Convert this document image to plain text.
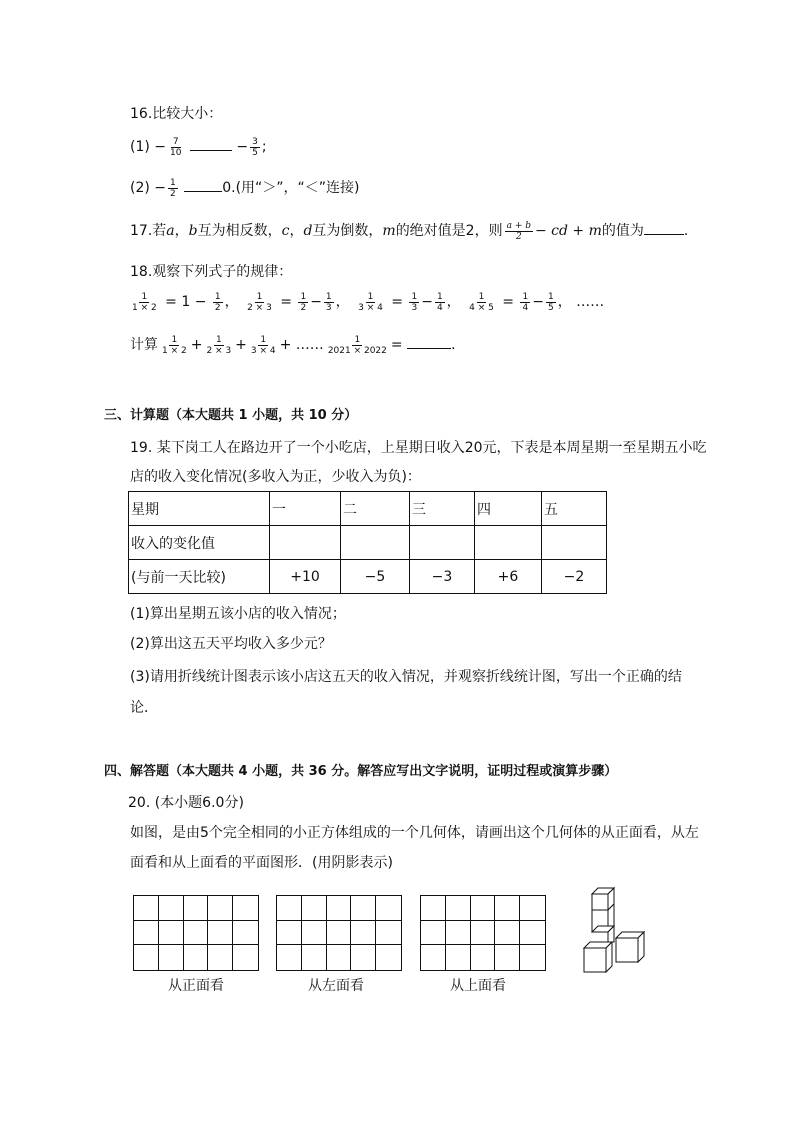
16.比较大小：
$(1) - \frac{7}{10}$	− $\frac{3}{5}$ ;
$(2) - \frac{1}{2}$	0.(用“＞”，“＜”连接)
17.若a，b互为相反数，c，d互为倒数，m的绝对值是2，则 $\frac{a + b}{2}$ − cd + m的值为	.
18.观察下列式子的规律：
$\frac{1}{1 \times 2} = 1 - \frac{1}{2}$ ， $\frac{1}{2 \times 3} = \frac{1}{2} - \frac{1}{3}$ ， $\frac{1}{3 \times 4} = \frac{1}{3} - \frac{1}{4}$ ， $\frac{1}{4 \times 5} = \frac{1}{4} - \frac{1}{5}$ ， ……
计算 $\frac{1}{1 \times 2} + \frac{1}{2 \times 3} + \frac{1}{3 \times 4}$ + …… $\frac{1}{2021 \times 2022}$ =	.
三、计算题（本大题共 1 小题，共 10 分）
19. 某下岗工人在路边开了一个小吃店，上星期日收入20元，下表是本周星期一至星期五小吃
店的收入变化情况(多收入为正，少收入为负)：
星期	一	二	三	四	五
收入的变化值					
(与前一天比较)	+10	−5	−3	+6	−2
(1)算出星期五该小店的收入情况；
(2)算出这五天平均收入多少元？
(3)请用折线统计图表示该小店这五天的收入情况，并观察折线统计图，写出一个正确的结
论．
四、解答题（本大题共 4 小题，共 36 分。解答应写出文字说明，证明过程或演算步骤）
20. (本小题6.0分)
如图，是由5个完全相同的小正方体组成的一个几何体，请画出这个几何体的从正面看，从左
面看和从上面看的平面图形．(用阴影表示)
从正面看	从左面看	从上面看
